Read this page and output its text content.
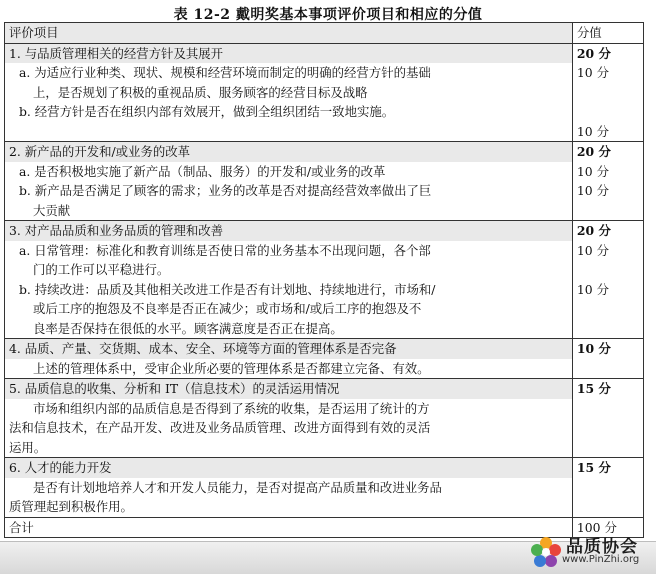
表 12-2 戴明奖基本事项评价项目和相应的分值
评价项目	分值
1. 与品质管理相关的经营方针及其展开	20 分

a. 为适应行业种类、现状、规模和经营环境而制定的明确的经营方针的基础
上，是否规划了积极的重视品质、服务顾客的经营目标及战略	10 分

b. 经营方针是否在组织内部有效展开，做到全组织团结一致地实施。	10 分
2. 新产品的开发和/或业务的改革	20 分
a. 是否积极地实施了新产品（制品、服务）的开发和/或业务的改革	10 分

b. 新产品是否满足了顾客的需求；业务的改革是否对提高经营效率做出了巨
大贡献	10 分
3. 对产品品质和业务品质的管理和改善	20 分

a. 日常管理：标准化和教育训练是否使日常的业务基本不出现问题，各个部
门的工作可以平稳进行。	10 分

b. 持续改进：品质及其他相关改进工作是否有计划地、持续地进行，市场和/
或后工序的抱怨及不良率是否正在减少；或市场和/或后工序的抱怨及不
良率是否保持在很低的水平。顾客满意度是否正在提高。	10 分
4. 品质、产量、交货期、成本、安全、环境等方面的管理体系是否完备	10 分
上述的管理体系中，受审企业所必要的管理体系是否都建立完备、有效。	
5. 品质信息的收集、分析和 IT（信息技术）的灵活运用情况	15 分

市场和组织内部的品质信息是否得到了系统的收集，是否运用了统计的方
法和信息技术，在产品开发、改进及业务品质管理、改进方面得到有效的灵活
运用。	

6. 人才的能力开发	15 分

是否有计划地培养人才和开发人员能力，是否对提高产品质量和改进业务品
质管理起到积极作用。	

合计	100 分
品质协会
www.PinZhi.org
